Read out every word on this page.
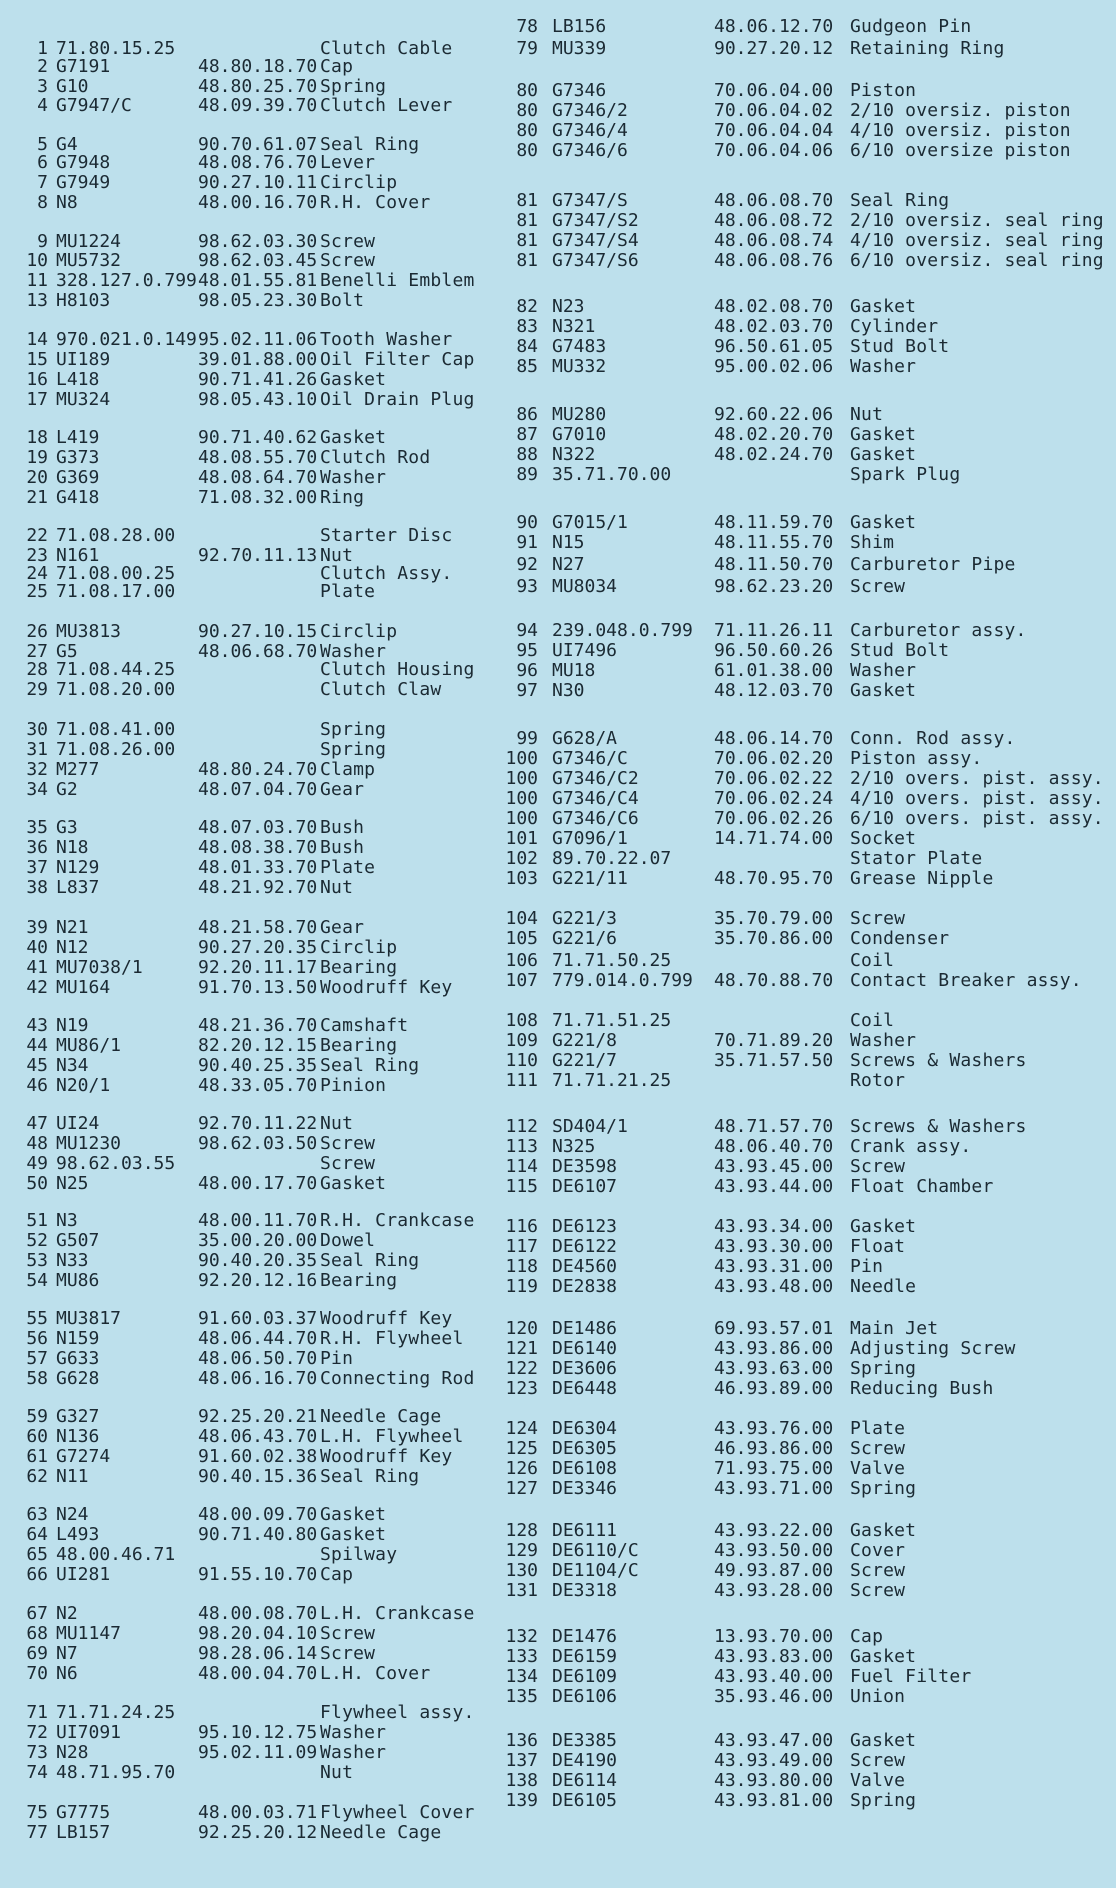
1 71.80.15.25	Clutch Cable
2 G7191	48.80.18.70 Cap
3 G10	48.80.25.70 Spring
4 G7947/C	48.09.39.70 Clutch Lever
5 G4	90.70.61.07 Seal Ring
6 G7948	48.08.76.70 Lever
7 G7949	90.27.10.11 Circlip
8 N8	48.00.16.70 R.H. Cover
9 MU1224	98.62.03.30 Screw
10 MU5732	98.62.03.45 Screw
11 328.127.0.799 48.01.55.81 Benelli Emblem
13 H8103	98.05.23.30 Bolt
14 970.021.0.149 95.02.11.06 Tooth Washer
15 UI189	39.01.88.00 Oil Filter Cap
16 L418	90.71.41.26 Gasket
17 MU324	98.05.43.10 Oil Drain Plug
18 L419	90.71.40.62 Gasket
19 G373	48.08.55.70 Clutch Rod
20 G369	48.08.64.70 Washer
21 G418	71.08.32.00 Ring
22 71.08.28.00	Starter Disc
23 N161	92.70.11.13 Nut
24 71.08.00.25	Clutch Assy.
25 71.08.17.00	Plate
26 MU3813	90.27.10.15 Circlip
27 G5	48.06.68.70 Washer
28 71.08.44.25	Clutch Housing
29 71.08.20.00	Clutch Claw
30 71.08.41.00	Spring
31 71.08.26.00	Spring
32 M277	48.80.24.70 Clamp
34 G2	48.07.04.70 Gear
35 G3	48.07.03.70 Bush
36 N18	48.08.38.70 Bush
37 N129	48.01.33.70 Plate
38 L837	48.21.92.70 Nut
39 N21	48.21.58.70 Gear
40 N12	90.27.20.35 Circlip
41 MU7038/1	92.20.11.17 Bearing
42 MU164	91.70.13.50 Woodruff Key
43 N19	48.21.36.70 Camshaft
44 MU86/1	82.20.12.15 Bearing
45 N34	90.40.25.35 Seal Ring
46 N20/1	48.33.05.70 Pinion
47 UI24	92.70.11.22 Nut
48 MU1230	98.62.03.50 Screw
49 98.62.03.55	Screw
50 N25	48.00.17.70 Gasket
51 N3	48.00.11.70 R.H. Crankcase
52 G507	35.00.20.00 Dowel
53 N33	90.40.20.35 Seal Ring
54 MU86	92.20.12.16 Bearing
55 MU3817	91.60.03.37 Woodruff Key
56 N159	48.06.44.70 R.H. Flywheel
57 G633	48.06.50.70 Pin
58 G628	48.06.16.70 Connecting Rod
59 G327	92.25.20.21 Needle Cage
60 N136	48.06.43.70 L.H. Flywheel
61 G7274	91.60.02.38 Woodruff Key
62 N11	90.40.15.36 Seal Ring
63 N24	48.00.09.70 Gasket
64 L493	90.71.40.80 Gasket
65 48.00.46.71	Spilway
66 UI281	91.55.10.70 Cap
67 N2	48.00.08.70 L.H. Crankcase
68 MU1147	98.20.04.10 Screw
69 N7	98.28.06.14 Screw
70 N6	48.00.04.70 L.H. Cover
71 71.71.24.25	Flywheel assy.
72 UI7091	95.10.12.75 Washer
73 N28	95.02.11.09 Washer
74 48.71.95.70	Nut
75 G7775	48.00.03.71 Flywheel Cover
77 LB157	92.25.20.12 Needle Cage
78 LB156	48.06.12.70 Gudgeon Pin
79 MU339	90.27.20.12 Retaining Ring
80 G7346	70.06.04.00 Piston
80 G7346/2	70.06.04.02 2/10 oversiz. piston
80 G7346/4	70.06.04.04 4/10 oversiz. piston
80 G7346/6	70.06.04.06 6/10 oversize piston
81 G7347/S	48.06.08.70 Seal Ring
81 G7347/S2	48.06.08.72 2/10 oversiz. seal ring
81 G7347/S4	48.06.08.74 4/10 oversiz. seal ring
81 G7347/S6	48.06.08.76 6/10 oversiz. seal ring
82 N23	48.02.08.70 Gasket
83 N321	48.02.03.70 Cylinder
84 G7483	96.50.61.05 Stud Bolt
85 MU332	95.00.02.06 Washer
86 MU280	92.60.22.06 Nut
87 G7010	48.02.20.70 Gasket
88 N322	48.02.24.70 Gasket
89 35.71.70.00	Spark Plug
90 G7015/1	48.11.59.70 Gasket
91 N15	48.11.55.70 Shim
92 N27	48.11.50.70 Carburetor Pipe
93 MU8034	98.62.23.20 Screw
94 239.048.0.799 71.11.26.11 Carburetor assy.
95 UI7496	96.50.60.26 Stud Bolt
96 MU18	61.01.38.00 Washer
97 N30	48.12.03.70 Gasket
99 G628/A	48.06.14.70 Conn. Rod assy.
100 G7346/C	70.06.02.20 Piston assy.
100 G7346/C2	70.06.02.22 2/10 overs. pist. assy.
100 G7346/C4	70.06.02.24 4/10 overs. pist. assy.
100 G7346/C6	70.06.02.26 6/10 overs. pist. assy.
101 G7096/1	14.71.74.00 Socket
102 89.70.22.07	Stator Plate
103 G221/11	48.70.95.70 Grease Nipple
104 G221/3	35.70.79.00 Screw
105 G221/6	35.70.86.00 Condenser
106 71.71.50.25	Coil
107 779.014.0.799 48.70.88.70 Contact Breaker assy.
108 71.71.51.25	Coil
109 G221/8	70.71.89.20 Washer
110 G221/7	35.71.57.50 Screws & Washers
111 71.71.21.25	Rotor
112 SD404/1	48.71.57.70 Screws & Washers
113 N325	48.06.40.70 Crank assy.
114 DE3598	43.93.45.00 Screw
115 DE6107	43.93.44.00 Float Chamber
116 DE6123	43.93.34.00 Gasket
117 DE6122	43.93.30.00 Float
118 DE4560	43.93.31.00 Pin
119 DE2838	43.93.48.00 Needle
120 DE1486	69.93.57.01 Main Jet
121 DE6140	43.93.86.00 Adjusting Screw
122 DE3606	43.93.63.00 Spring
123 DE6448	46.93.89.00 Reducing Bush
124 DE6304	43.93.76.00 Plate
125 DE6305	46.93.86.00 Screw
126 DE6108	71.93.75.00 Valve
127 DE3346	43.93.71.00 Spring
128 DE6111	43.93.22.00 Gasket
129 DE6110/C	43.93.50.00 Cover
130 DE1104/C	49.93.87.00 Screw
131 DE3318	43.93.28.00 Screw
132 DE1476	13.93.70.00 Cap
133 DE6159	43.93.83.00 Gasket
134 DE6109	43.93.40.00 Fuel Filter
135 DE6106	35.93.46.00 Union
136 DE3385	43.93.47.00 Gasket
137 DE4190	43.93.49.00 Screw
138 DE6114	43.93.80.00 Valve
139 DE6105	43.93.81.00 Spring
